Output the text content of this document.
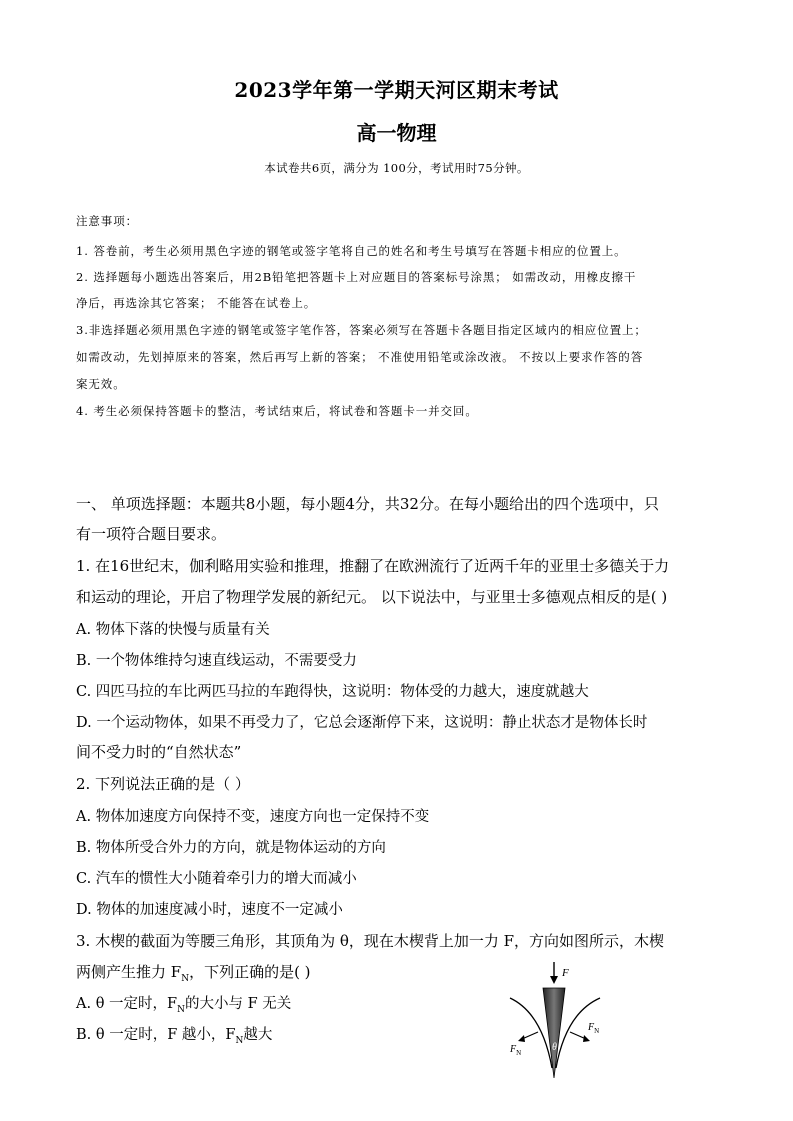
2023学年第一学期天河区期末考试
高一物理
本试卷共6页，满分为 100分，考试用时75分钟。
注意事项：
1. 答卷前，考生必须用黑色字迹的钢笔或签字笔将自己的姓名和考生号填写在答题卡相应的位置上。
2. 选择题每小题选出答案后，用2B铅笔把答题卡上对应题目的答案标号涂黑； 如需改动，用橡皮擦干
净后，再选涂其它答案； 不能答在试卷上。
3.非选择题必须用黑色字迹的钢笔或签字笔作答，答案必须写在答题卡各题目指定区域内的相应位置上；
如需改动，先划掉原来的答案，然后再写上新的答案； 不准使用铅笔或涂改液。 不按以上要求作答的答
案无效。
4. 考生必须保持答题卡的整洁，考试结束后，将试卷和答题卡一并交回。
一、 单项选择题：本题共8小题，每小题4分，共32分。在每小题给出的四个选项中，只
有一项符合题目要求。
1. 在16世纪末，伽利略用实验和推理，推翻了在欧洲流行了近两千年的亚里士多德关于力
和运动的理论，开启了物理学发展的新纪元。 以下说法中，与亚里士多德观点相反的是( )
A. 物体下落的快慢与质量有关
B. 一个物体维持匀速直线运动，不需要受力
C. 四匹马拉的车比两匹马拉的车跑得快，这说明：物体受的力越大，速度就越大
D. 一个运动物体，如果不再受力了，它总会逐渐停下来，这说明：静止状态才是物体长时
间不受力时的“自然状态”
2. 下列说法正确的是（ ）
A. 物体加速度方向保持不变，速度方向也一定保持不变
B. 物体所受合外力的方向，就是物体运动的方向
C. 汽车的惯性大小随着牵引力的增大而减小
D. 物体的加速度减小时，速度不一定减小
3. 木楔的截面为等腰三角形，其顶角为 θ，现在木楔背上加一力 F，方向如图所示，木楔
两侧产生推力 $F_N$，下列正确的是( )
A. θ 一定时，$F_N$的大小与 F 无关
B. θ 一定时，F 越小，$F_N$越大
F
$F_N$
$F_N$
θ
